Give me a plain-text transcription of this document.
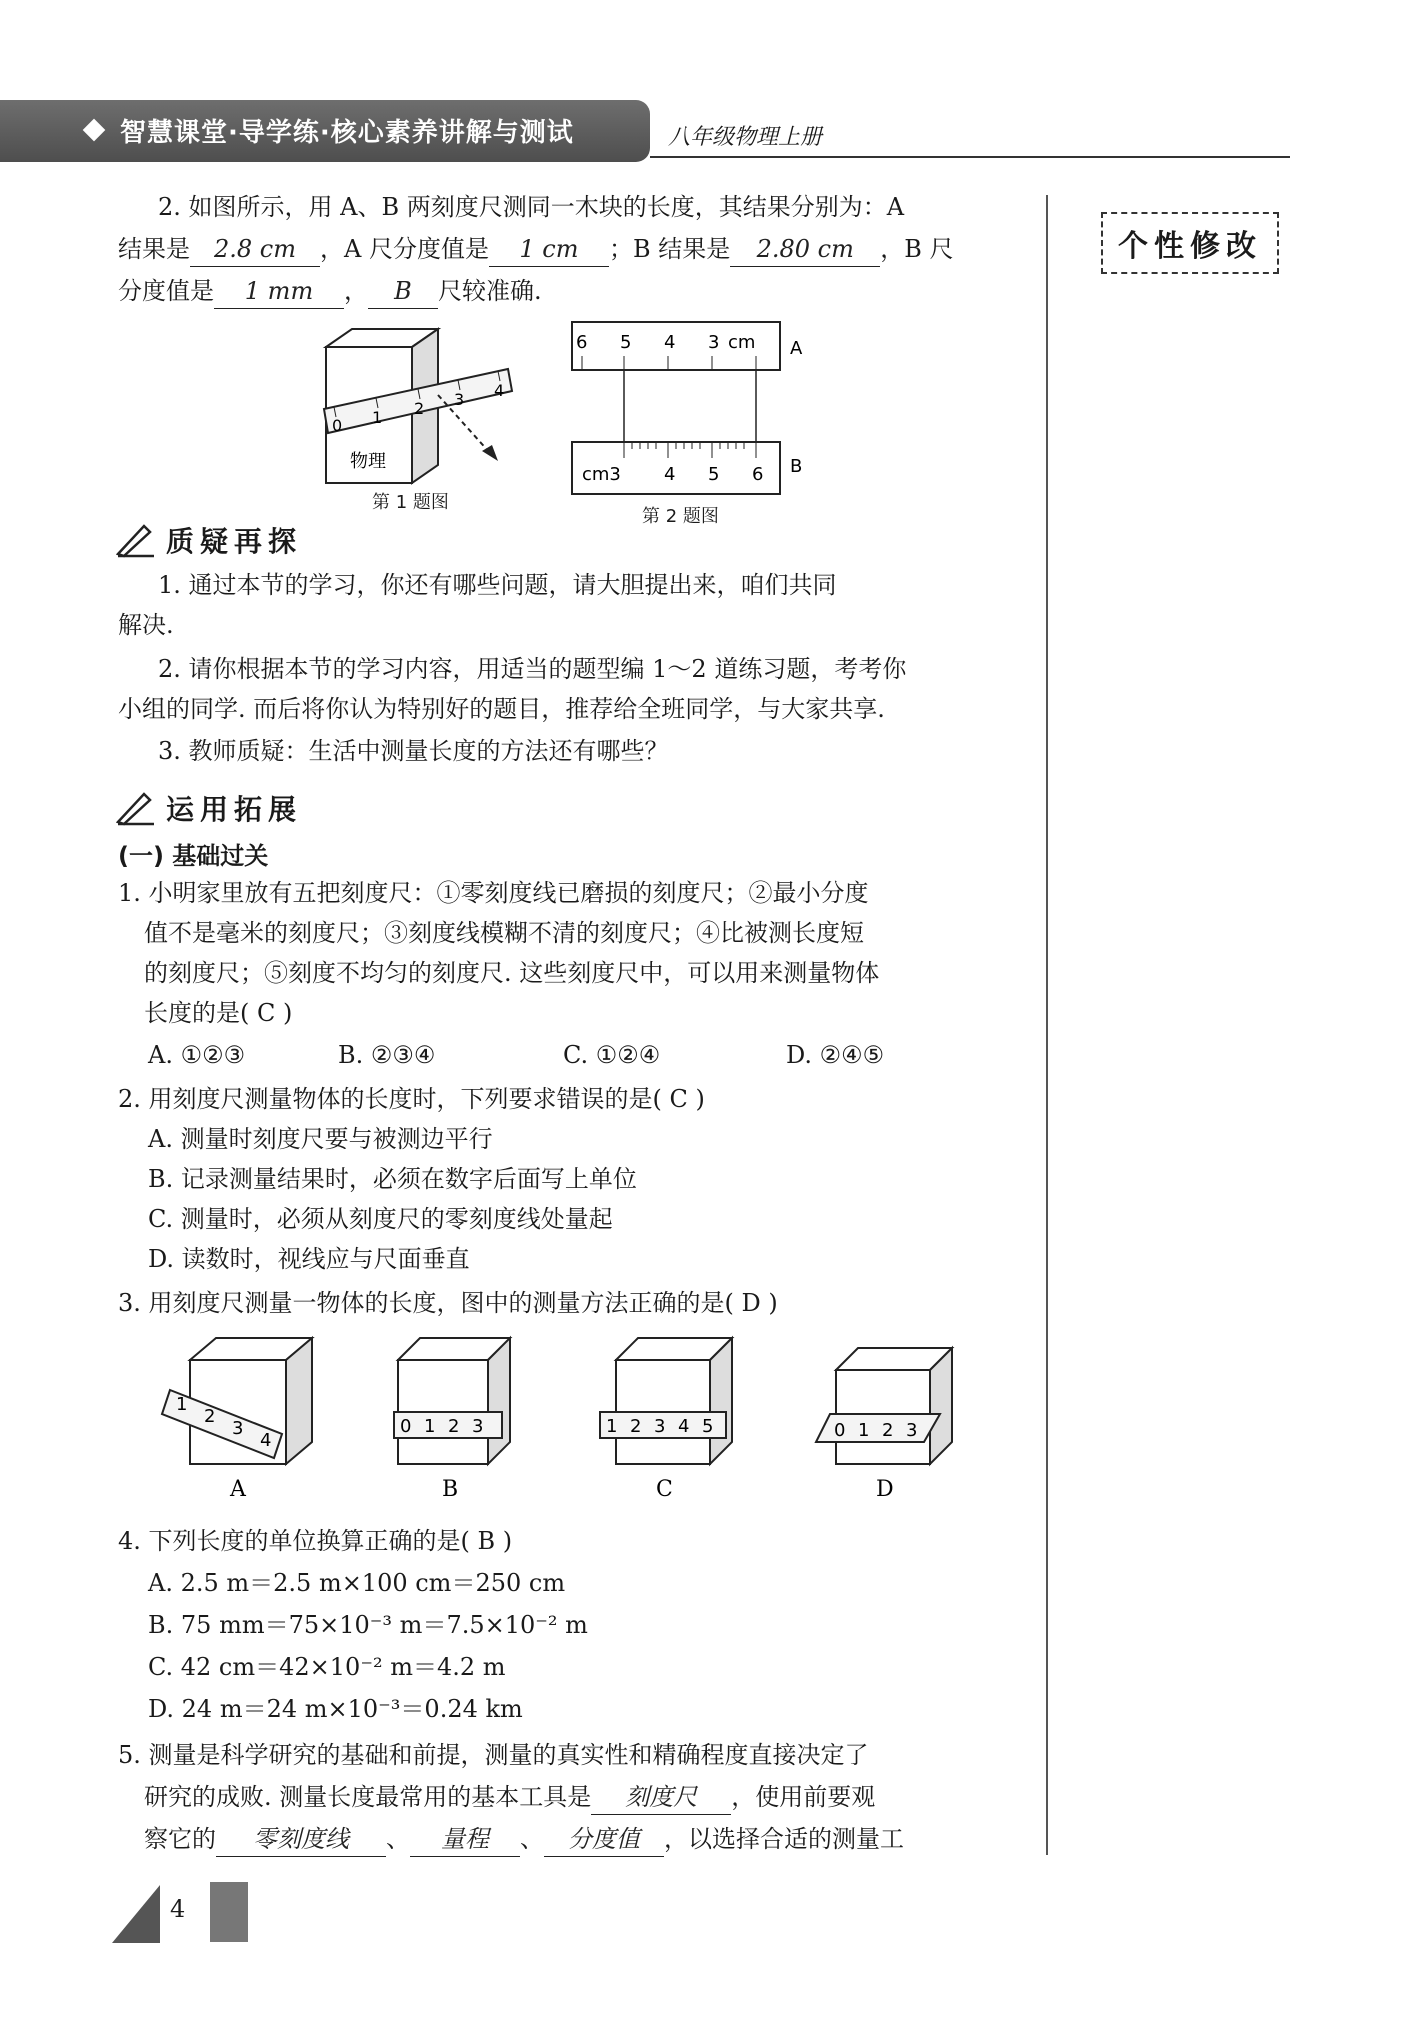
智慧课堂·导学练·核心素养讲解与测试	八年级物理上册
个性修改
2. 如图所示，用 A、B 两刻度尺测同一木块的长度，其结果分别为：A
结果是 2.8 cm ，A 尺分度值是 1 cm ；B 结果是 2.80 cm ，B 尺
分度值是 1 mm ， B 尺较准确.
0 1 2 3 4
物理
第 1 题图
6 5 4 3 cm A
cm3 4 5 6 B
第 2 题图
质疑再探
1. 通过本节的学习，你还有哪些问题，请大胆提出来，咱们共同
解决.
2. 请你根据本节的学习内容，用适当的题型编 1～2 道练习题，考考你
小组的同学. 而后将你认为特别好的题目，推荐给全班同学，与大家共享.
3. 教师质疑：生活中测量长度的方法还有哪些？
运用拓展
(一) 基础过关
1. 小明家里放有五把刻度尺：①零刻度线已磨损的刻度尺；②最小分度
值不是毫米的刻度尺；③刻度线模糊不清的刻度尺；④比被测长度短
的刻度尺；⑤刻度不均匀的刻度尺. 这些刻度尺中，可以用来测量物体
长度的是( C )
A. ①②③	B. ②③④	C. ①②④	D. ②④⑤
2. 用刻度尺测量物体的长度时，下列要求错误的是( C )
A. 测量时刻度尺要与被测边平行
B. 记录测量结果时，必须在数字后面写上单位
C. 测量时，必须从刻度尺的零刻度线处量起
D. 读数时，视线应与尺面垂直
3. 用刻度尺测量一物体的长度，图中的测量方法正确的是( D )
1
2
3
4
A
0 1 2 3
B
1 2 3 4 5
C
0 1 2 3
D
4. 下列长度的单位换算正确的是( B )
A. 2.5 m＝2.5 m×100 cm＝250 cm
B. 75 mm＝75×10⁻³ m＝7.5×10⁻² m
C. 42 cm＝42×10⁻² m＝4.2 m
D. 24 m＝24 m×10⁻³＝0.24 km
5. 测量是科学研究的基础和前提，测量的真实性和精确程度直接决定了
研究的成败. 测量长度最常用的基本工具是 刻度尺 ，使用前要观
察它的 零刻度线 、 量程 、 分度值 ，以选择合适的测量工
4
